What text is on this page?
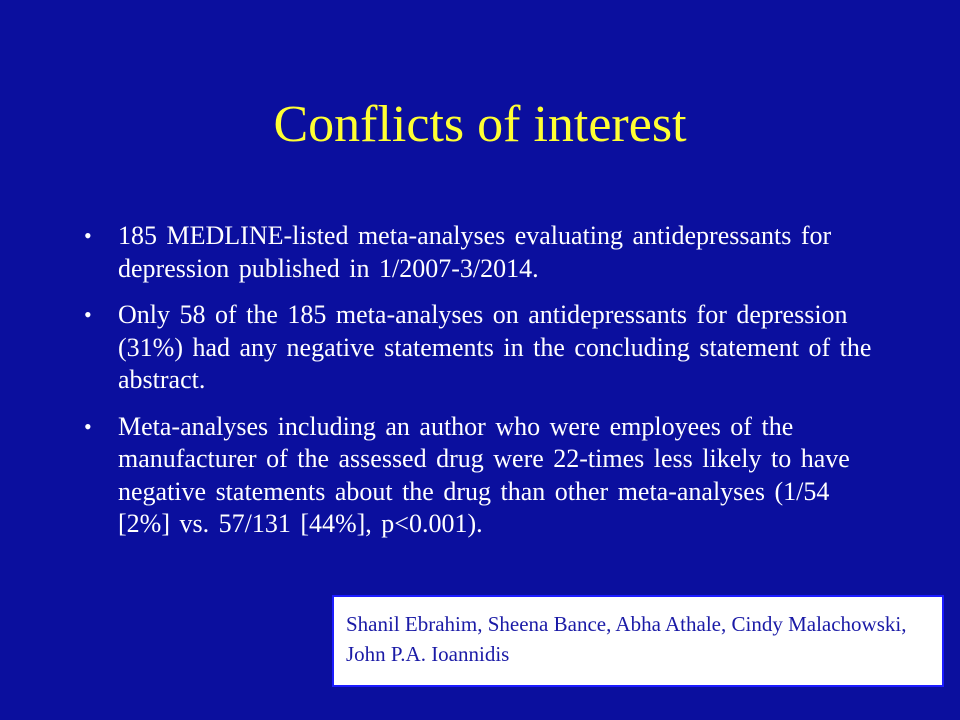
Conflicts of interest
•	185 MEDLINE-listed meta-analyses evaluating antidepressants for depression published in 1/2007-3/2014.
•	Only 58 of the 185 meta-analyses on antidepressants for depression (31%) had any negative statements in the concluding statement of the abstract.
•	Meta-analyses including an author who were employees of the manufacturer of the assessed drug were 22-times less likely to have negative statements about the drug than other meta-analyses (1/54 [2%] vs. 57/131 [44%], p<0.001).
Shanil Ebrahim, Sheena Bance, Abha Athale, Cindy Malachowski, John P.A. Ioannidis
